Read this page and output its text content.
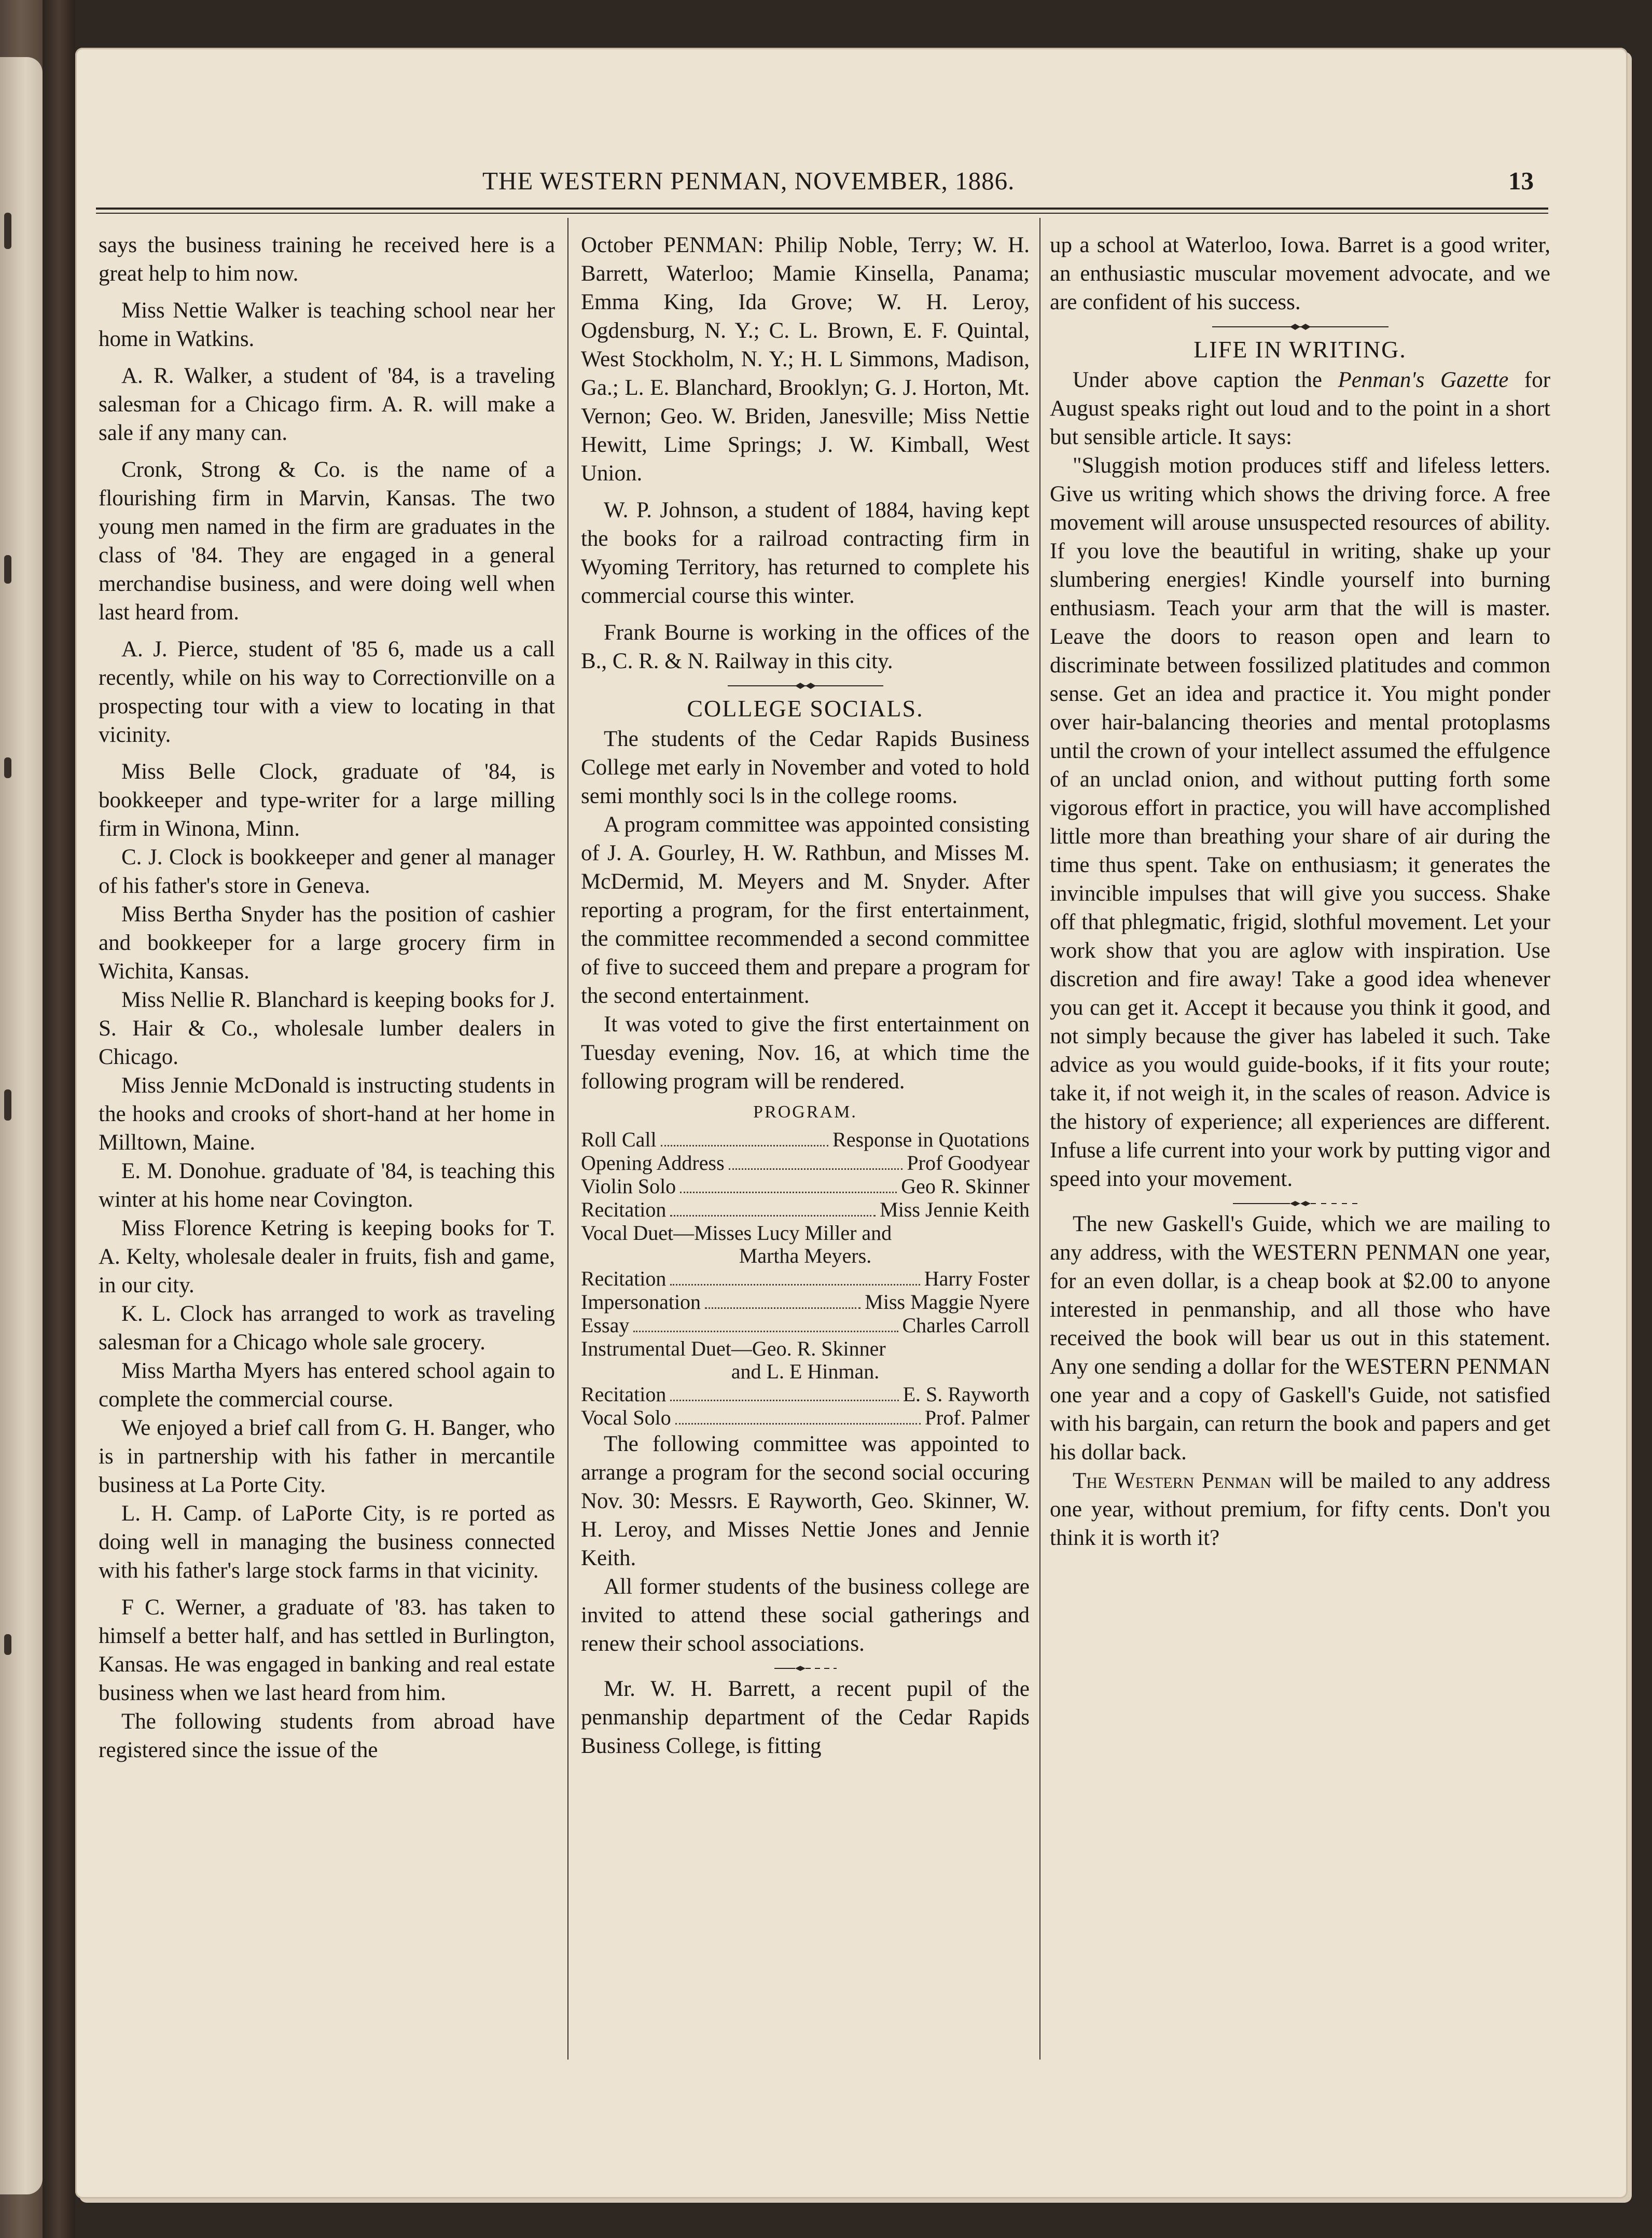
THE WESTERN PENMAN, NOVEMBER, 1886.	13

says the business training he received here is a great help to him now.

Miss Nettie Walker is teaching school near her home in Watkins.

A. R. Walker, a student of '84, is a traveling salesman for a Chicago firm. A. R. will make a sale if any many can.

Cronk, Strong & Co. is the name of a flourishing firm in Marvin, Kansas. The two young men named in the firm are graduates in the class of '84. They are engaged in a general merchandise business, and were doing well when last heard from.

A. J. Pierce, student of '85 6, made us a call recently, while on his way to Correctionville on a prospecting tour with a view to locating in that vicinity.

Miss Belle Clock, graduate of '84, is bookkeeper and type-writer for a large milling firm in Winona, Minn.

C. J. Clock is bookkeeper and gener al manager of his father's store in Geneva.

Miss Bertha Snyder has the position of cashier and bookkeeper for a large grocery firm in Wichita, Kansas.

Miss Nellie R. Blanchard is keeping books for J. S. Hair & Co., wholesale lumber dealers in Chicago.

Miss Jennie McDonald is instructing students in the hooks and crooks of short-hand at her home in Milltown, Maine.

E. M. Donohue. graduate of '84, is teaching this winter at his home near Covington.

Miss Florence Ketring is keeping books for T. A. Kelty, wholesale dealer in fruits, fish and game, in our city.

K. L. Clock has arranged to work as traveling salesman for a Chicago whole sale grocery.

Miss Martha Myers has entered school again to complete the commercial course.

We enjoyed a brief call from G. H. Banger, who is in partnership with his father in mercantile business at La Porte City.

L. H. Camp. of LaPorte City, is re ported as doing well in managing the business connected with his father's large stock farms in that vicinity.

F C. Werner, a graduate of '83. has taken to himself a better half, and has settled in Burlington, Kansas. He was engaged in banking and real estate business when we last heard from him.

The following students from abroad have registered since the issue of the

October PENMAN: Philip Noble, Terry; W. H. Barrett, Waterloo; Mamie Kinsella, Panama; Emma King, Ida Grove; W. H. Leroy, Ogdensburg, N. Y.; C. L. Brown, E. F. Quintal, West Stockholm, N. Y.; H. L Simmons, Madison, Ga.; L. E. Blanchard, Brooklyn; G. J. Horton, Mt. Vernon; Geo. W. Briden, Janesville; Miss Nettie Hewitt, Lime Springs; J. W. Kimball, West Union.

W. P. Johnson, a student of 1884, having kept the books for a railroad contracting firm in Wyoming Territory, has returned to complete his commercial course this winter.

Frank Bourne is working in the offices of the B., C. R. & N. Railway in this city.

COLLEGE SOCIALS.

The students of the Cedar Rapids Business College met early in November and voted to hold semi monthly soci ls in the college rooms.

A program committee was appointed consisting of J. A. Gourley, H. W. Rathbun, and Misses M. McDermid, M. Meyers and M. Snyder. After reporting a program, for the first entertainment, the committee recommended a second committee of five to succeed them and prepare a program for the second entertainment.

It was voted to give the first entertainment on Tuesday evening, Nov. 16, at which time the following program will be rendered.

PROGRAM.
Roll Call	Response in Quotations
Opening Address	Prof Goodyear
Violin Solo	Geo R. Skinner
Recitation	Miss Jennie Keith
Vocal Duet—Misses Lucy Miller and
Martha Meyers.
Recitation	Harry Foster
Impersonation	Miss Maggie Nyere
Essay	Charles Carroll
Instrumental Duet—Geo. R. Skinner
and L. E Hinman.
Recitation	E. S. Rayworth
Vocal Solo	Prof. Palmer

The following committee was appointed to arrange a program for the second social occuring Nov. 30: Messrs. E Rayworth, Geo. Skinner, W. H. Leroy, and Misses Nettie Jones and Jennie Keith.

All former students of the business college are invited to attend these social gatherings and renew their school associations.

Mr. W. H. Barrett, a recent pupil of the penmanship department of the Cedar Rapids Business College, is fitting

up a school at Waterloo, Iowa. Barret is a good writer, an enthusiastic muscular movement advocate, and we are confident of his success.

LIFE IN WRITING.

Under above caption the Penman's Gazette for August speaks right out loud and to the point in a short but sensible article. It says:

"Sluggish motion produces stiff and lifeless letters. Give us writing which shows the driving force. A free movement will arouse unsuspected resources of ability. If you love the beautiful in writing, shake up your slumbering energies! Kindle yourself into burning enthusiasm. Teach your arm that the will is master. Leave the doors to reason open and learn to discriminate between fossilized platitudes and common sense. Get an idea and practice it. You might ponder over hair-balancing theories and mental protoplasms until the crown of your intellect assumed the effulgence of an unclad onion, and without putting forth some vigorous effort in practice, you will have accomplished little more than breathing your share of air during the time thus spent. Take on enthusiasm; it generates the invincible impulses that will give you success. Shake off that phlegmatic, frigid, slothful movement. Let your work show that you are aglow with inspiration. Use discretion and fire away! Take a good idea whenever you can get it. Accept it because you think it good, and not simply because the giver has labeled it such. Take advice as you would guide-books, if it fits your route; take it, if not weigh it, in the scales of reason. Advice is the history of experience; all experiences are different. Infuse a life current into your work by putting vigor and speed into your movement.

The new Gaskell's Guide, which we are mailing to any address, with the WESTERN PENMAN one year, for an even dollar, is a cheap book at $2.00 to anyone interested in penmanship, and all those who have received the book will bear us out in this statement. Any one sending a dollar for the WESTERN PENMAN one year and a copy of Gaskell's Guide, not satisfied with his bargain, can return the book and papers and get his dollar back.

The Western Penman will be mailed to any address one year, without premium, for fifty cents. Don't you think it is worth it?
